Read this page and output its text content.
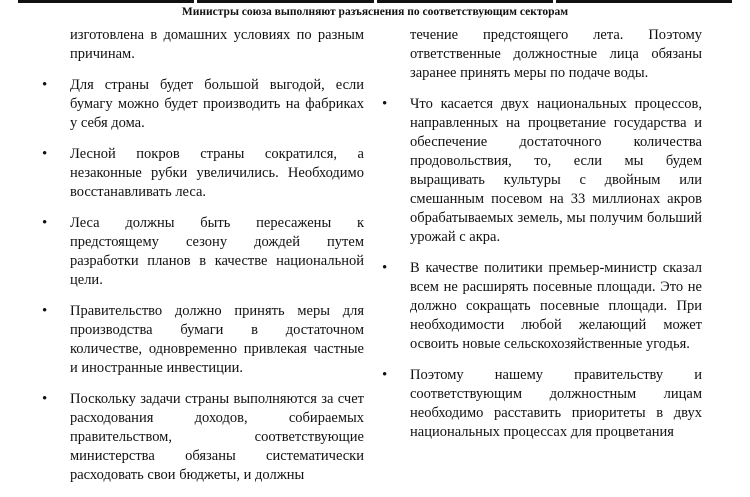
Министры союза выполняют разъяснения по соответствующим секторам

изготовлена в домашних условиях по разным причинам.

• Для страны будет большой выгодой, если бумагу можно будет производить на фабриках у себя дома.
• Лесной покров страны сократился, а незаконные рубки увеличились. Необходимо восстанавливать леса.
• Леса должны быть пересажены к предстоящему сезону дождей путем разработки планов в качестве национальной цели.
• Правительство должно принять меры для производства бумаги в достаточном количестве, одновременно привлекая частные и иностранные инвестиции.
• Поскольку задачи страны выполняются за счет расходования доходов, собираемых правительством, соответствующие министерства обязаны систематически расходовать свои бюджеты, и должны

течение предстоящего лета. Поэтому ответственные должностные лица обязаны заранее принять меры по подаче воды.

• Что касается двух национальных процессов, направленных на процветание государства и обеспечение достаточного количества продовольствия, то, если мы будем выращивать культуры с двойным или смешанным посевом на 33 миллионах акров обрабатываемых земель, мы получим больший урожай с акра.
• В качестве политики премьер-министр сказал всем не расширять посевные площади. Это не должно сокращать посевные площади. При необходимости любой желающий может освоить новые сельскохозяйственные угодья.
• Поэтому нашему правительству и соответствующим должностным лицам необходимо расставить приоритеты в двух национальных процессах для процветания
